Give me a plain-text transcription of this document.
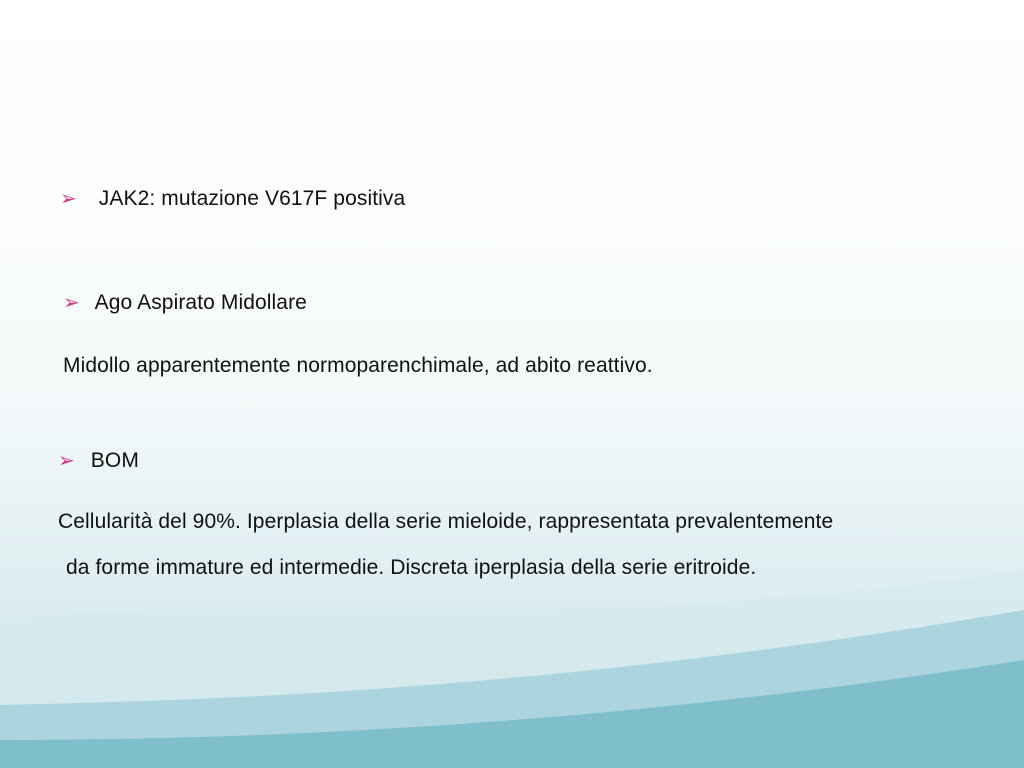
➢ JAK2: mutazione V617F positiva
➢ Ago Aspirato Midollare
Midollo apparentemente normoparenchimale, ad abito reattivo.
➢ BOM
Cellularità del 90%. Iperplasia della serie mieloide, rappresentata prevalentemente
da forme immature ed intermedie. Discreta iperplasia della serie eritroide.
